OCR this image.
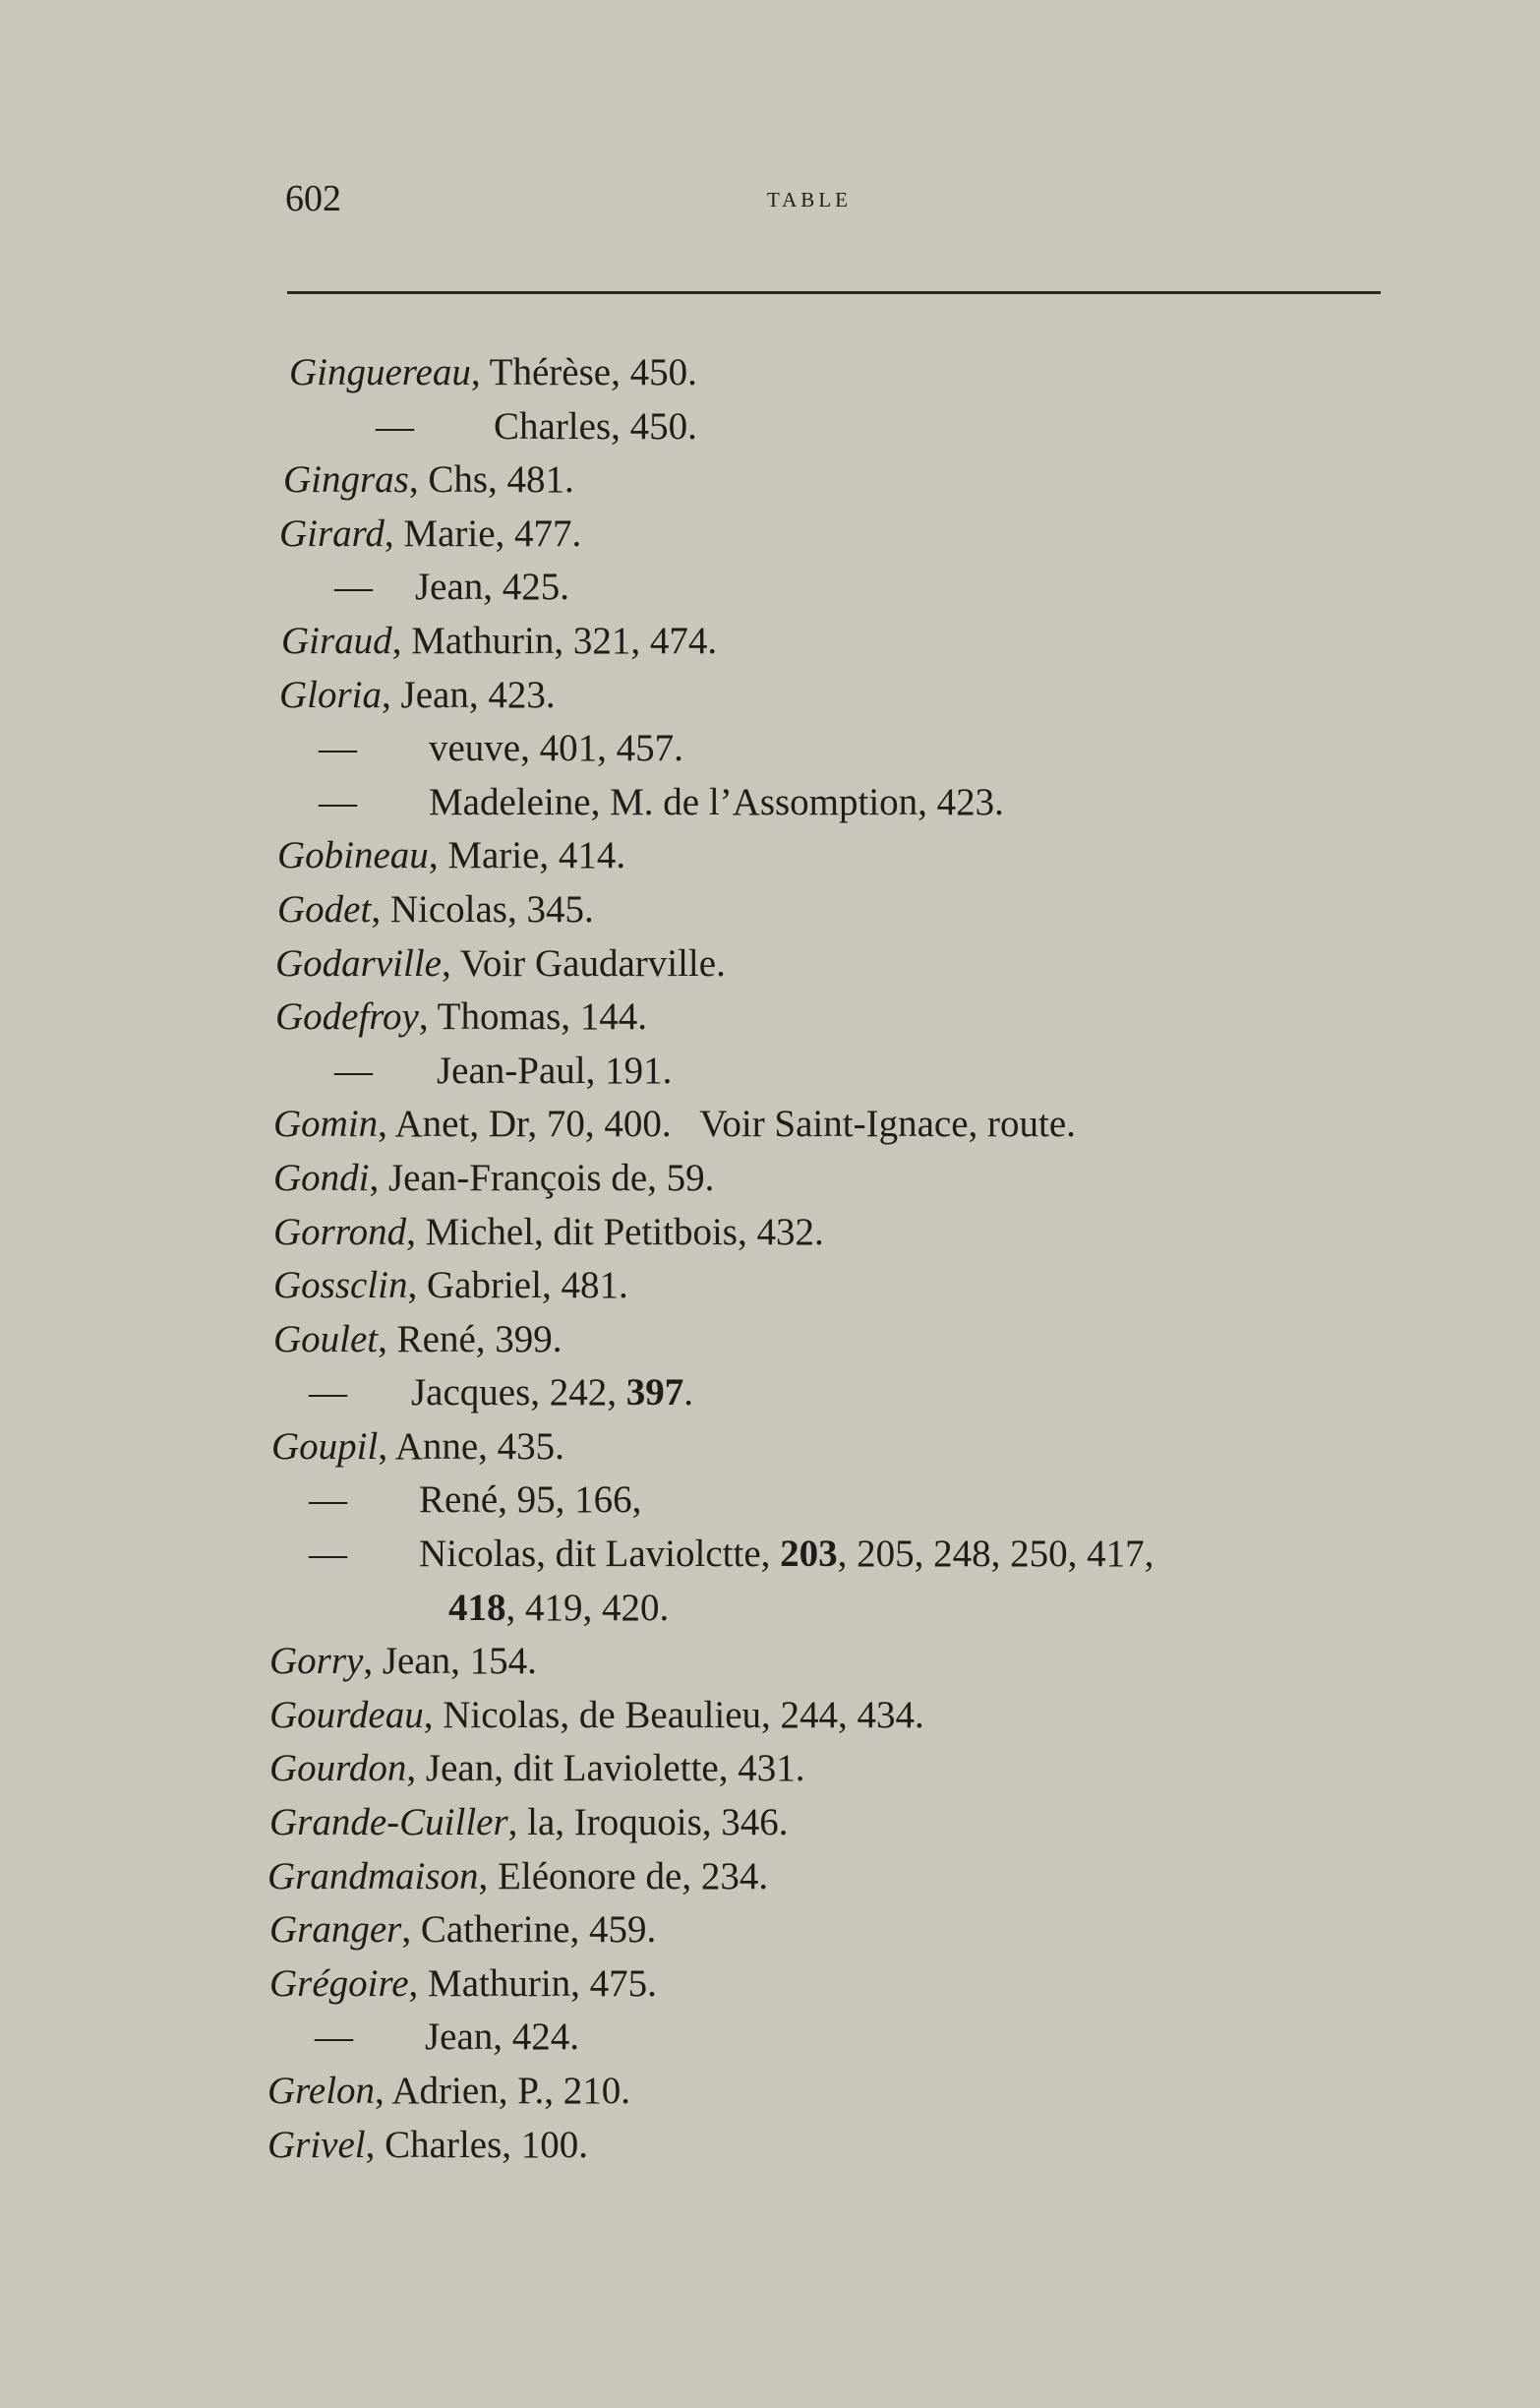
602	table
Ginguereau, Thérèse, 450.
— Charles, 450.
Gingras, Chs, 481.
Girard, Marie, 477.
— Jean, 425.
Giraud, Mathurin, 321, 474.
Gloria, Jean, 423.
— veuve, 401, 457.
— Madeleine, M. de l’Assomption, 423.
Gobineau, Marie, 414.
Godet, Nicolas, 345.
Godarville, Voir Gaudarville.
Godefroy, Thomas, 144.
— Jean-Paul, 191.
Gomin, Anet, Dr, 70, 400.   Voir Saint-Ignace, route.
Gondi, Jean-François de, 59.
Gorrond, Michel, dit Petitbois, 432.
Gossclin, Gabriel, 481.
Goulet, René, 399.
— Jacques, 242, 397.
Goupil, Anne, 435.
— René, 95, 166,
— Nicolas, dit Laviolctte, 203, 205, 248, 250, 417,
418, 419, 420.
Gorry, Jean, 154.
Gourdeau, Nicolas, de Beaulieu, 244, 434.
Gourdon, Jean, dit Laviolette, 431.
Grande-Cuiller, la, Iroquois, 346.
Grandmaison, Eléonore de, 234.
Granger, Catherine, 459.
Grégoire, Mathurin, 475.
— Jean, 424.
Grelon, Adrien, P., 210.
Grivel, Charles, 100.
